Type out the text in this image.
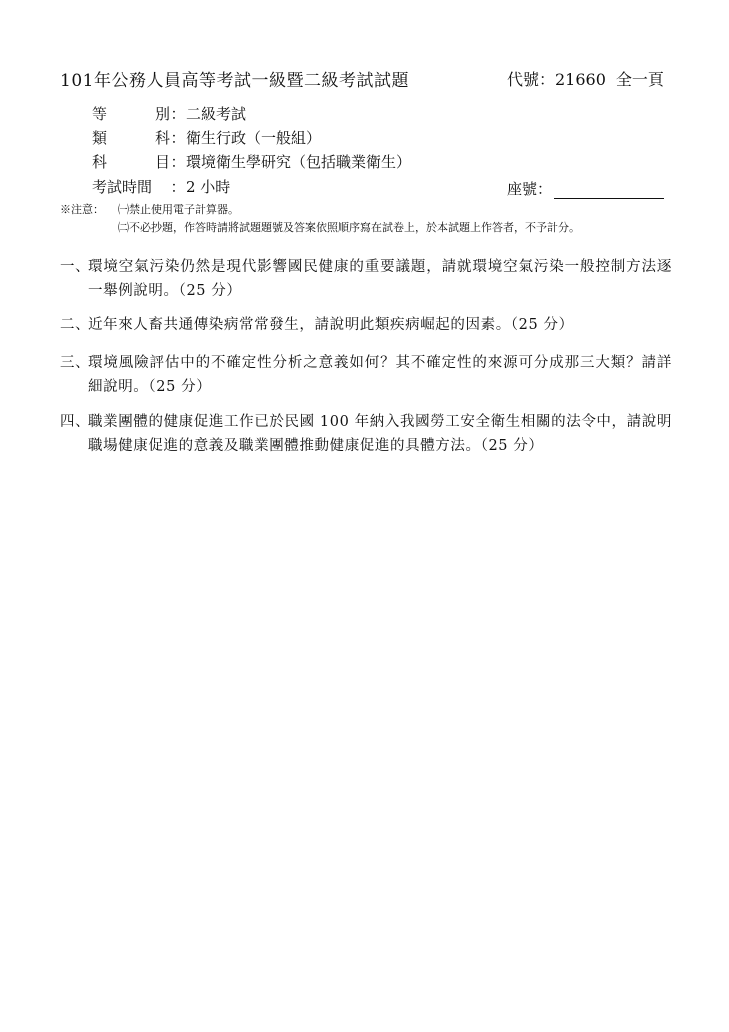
101年公務人員高等考試一級暨二級考試試題	代號：21660 全一頁
等	別 ： 二級考試
類	科 ： 衛生行政（一般組）
科	目 ： 環境衛生學研究（包括職業衛生）
考試時間 ： 2 小時	座號：
※注意：	㈠禁止使用電子計算器。
㈡不必抄題，作答時請將試題題號及答案依照順序寫在試卷上，於本試題上作答者，不予計分。
一、
環境空氣污染仍然是現代影響國民健康的重要議題，請就環境空氣污染一般控制方法逐一舉例說明。（25 分）
二、
近年來人畜共通傳染病常常發生，請說明此類疾病崛起的因素。（25 分）
三、
環境風險評估中的不確定性分析之意義如何？其不確定性的來源可分成那三大類？請詳細說明。（25 分）
四、
職業團體的健康促進工作已於民國 100 年納入我國勞工安全衛生相關的法令中，請說明職場健康促進的意義及職業團體推動健康促進的具體方法。（25 分）
